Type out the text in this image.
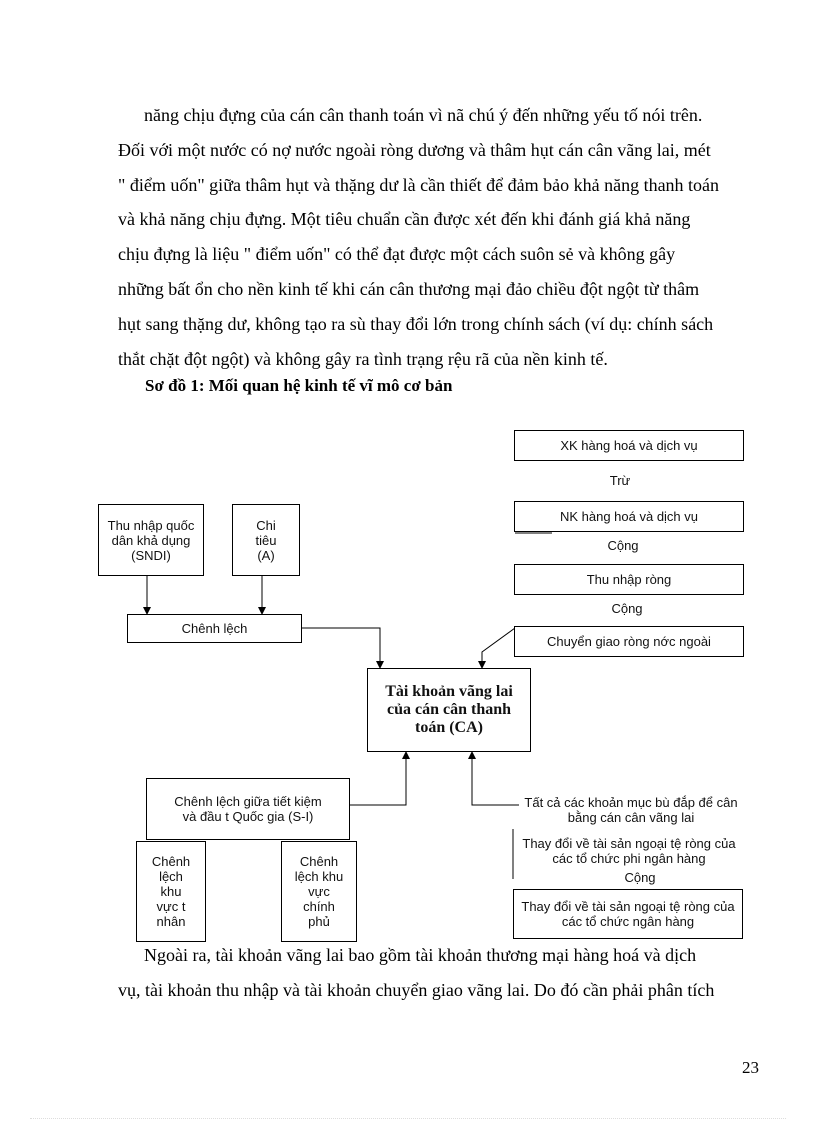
năng chịu đựng của cán cân thanh toán vì nã chú ý đến những yếu tố nói trên.
Đối với một nước có nợ nước ngoài ròng dương và thâm hụt cán cân vãng lai, mét
" điểm uốn" giữa thâm hụt và thặng dư là cần thiết để đảm bảo khả năng thanh toán
và khả năng chịu đựng. Một tiêu chuẩn cần được xét đến khi đánh giá khả năng
chịu đựng là liệu " điểm uốn" có thể đạt được một cách suôn sẻ và không gây
những bất ổn cho nền kinh tế khi cán cân thương mại đảo chiều đột ngột từ thâm
hụt sang thặng dư, không tạo ra sù thay đổi lớn trong chính sách (ví dụ: chính sách
thắt chặt đột ngột) và không gây ra tình trạng rệu rã của nền kinh tế.

Sơ đồ 1: Mối quan hệ kinh tế vĩ mô cơ bản

Thu nhập quốc dân khả dụng (SNDI)
Chi tiêu (A)
Chênh lệch
XK hàng hoá và dịch vụ
Trừ
NK hàng hoá và dịch vụ
Cộng
Thu nhập ròng
Cộng
Chuyển giao ròng nớc ngoài
Tài khoản vãng lai của cán cân thanh toán (CA)
Chênh lệch giữa tiết kiệm và đầu t Quốc gia (S-I)
Chênh lệch khu vực t nhân
Chênh lệch khu vực chính phủ
Tất cả các khoản mục bù đắp để cân bằng cán cân vãng lai
Thay đổi về tài sản ngoại tệ ròng của các tổ chức phi ngân hàng
Cộng
Thay đổi về tài sản ngoại tệ ròng của các tổ chức ngân hàng
Ngoài ra, tài khoản vãng lai bao gồm tài khoản thương mại hàng hoá và dịch
vụ, tài khoản thu nhập và tài khoản chuyển giao vãng lai. Do đó cần phải phân tích
23
